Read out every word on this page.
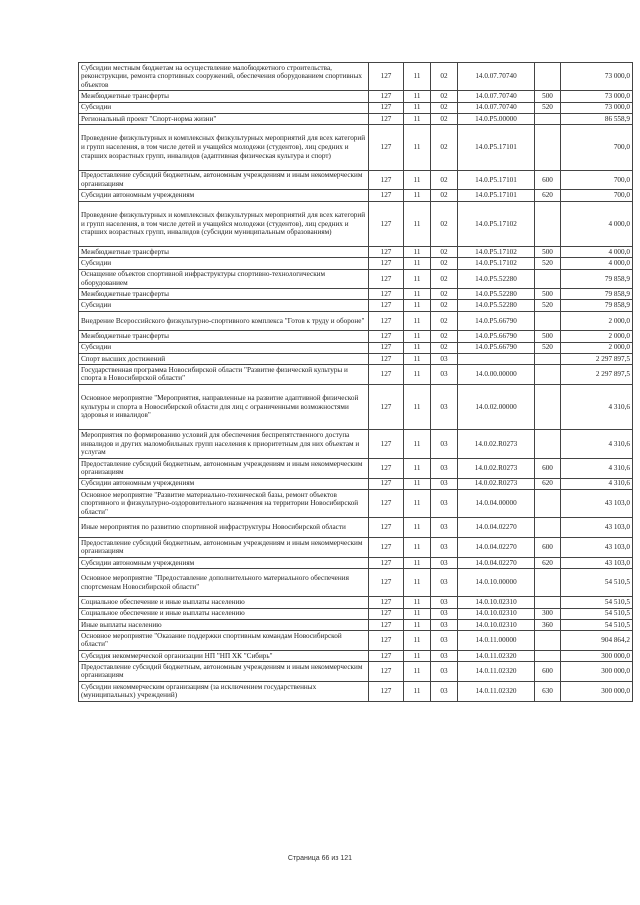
Субсидии местным бюджетам на осуществление малобюджетного строительства, реконструкции, ремонта спортивных сооружений, обеспечения оборудованием спортивных объектов	127	11	02	14.0.07.70740		73 000,0
Межбюджетные трансферты	127	11	02	14.0.07.70740	500	73 000,0
Субсидии	127	11	02	14.0.07.70740	520	73 000,0
Региональный проект "Спорт-норма жизни"	127	11	02	14.0.P5.00000		86 558,9
Проведение физкультурных и комплексных физкультурных мероприятий для всех категорий и групп населения, в том числе детей и учащейся молодежи (студентов), лиц средних и старших возрастных групп, инвалидов (адаптивная физическая культура и спорт)	127	11	02	14.0.P5.17101		700,0
Предоставление субсидий бюджетным, автономным учреждениям и иным некоммерческим организациям	127	11	02	14.0.P5.17101	600	700,0
Субсидии автономным учреждениям	127	11	02	14.0.P5.17101	620	700,0
Проведение физкультурных и комплексных физкультурных мероприятий для всех категорий и групп населения, в том числе детей и учащейся молодежи (студентов), лиц средних и старших возрастных групп, инвалидов (субсидии муниципальным образованиям)	127	11	02	14.0.P5.17102		4 000,0
Межбюджетные трансферты	127	11	02	14.0.P5.17102	500	4 000,0
Субсидии	127	11	02	14.0.P5.17102	520	4 000,0
Оснащение объектов спортивной инфраструктуры спортивно-технологическим оборудованием	127	11	02	14.0.P5.52280		79 858,9
Межбюджетные трансферты	127	11	02	14.0.P5.52280	500	79 858,9
Субсидии	127	11	02	14.0.P5.52280	520	79 858,9
Внедрение Всероссийского физкультурно-спортивного комплекса "Готов к труду и обороне"	127	11	02	14.0.P5.66790		2 000,0
Межбюджетные трансферты	127	11	02	14.0.P5.66790	500	2 000,0
Субсидии	127	11	02	14.0.P5.66790	520	2 000,0
Спорт высших достижений	127	11	03			2 297 897,5
Государственная программа Новосибирской области "Развитие физической культуры и спорта в Новосибирской области"	127	11	03	14.0.00.00000		2 297 897,5
Основное мероприятие "Мероприятия, направленные на развитие адаптивной физической культуры и спорта в Новосибирской области для лиц с ограниченными возможностями здоровья и инвалидов"	127	11	03	14.0.02.00000		4 310,6
Мероприятия по формированию условий для обеспечения беспрепятственного доступа инвалидов и других маломобильных групп населения к приоритетным для них объектам и услугам	127	11	03	14.0.02.R0273		4 310,6
Предоставление субсидий бюджетным, автономным учреждениям и иным некоммерческим организациям	127	11	03	14.0.02.R0273	600	4 310,6
Субсидии автономным учреждениям	127	11	03	14.0.02.R0273	620	4 310,6
Основное мероприятие "Развитие материально-технической базы, ремонт объектов спортивного и физкультурно-оздоровительного назначения на территории Новосибирской области"	127	11	03	14.0.04.00000		43 103,0
Иные мероприятия по развитию спортивной инфраструктуры Новосибирской области	127	11	03	14.0.04.02270		43 103,0
Предоставление субсидий бюджетным, автономным учреждениям и иным некоммерческим организациям	127	11	03	14.0.04.02270	600	43 103,0
Субсидии автономным учреждениям	127	11	03	14.0.04.02270	620	43 103,0
Основное мероприятие "Предоставление дополнительного материального обеспечения спортсменам Новосибирской области"	127	11	03	14.0.10.00000		54 510,5
Социальное обеспечение и иные выплаты населению	127	11	03	14.0.10.02310		54 510,5
Социальное обеспечение и иные выплаты населению	127	11	03	14.0.10.02310	300	54 510,5
Иные выплаты населению	127	11	03	14.0.10.02310	360	54 510,5
Основное мероприятие "Оказание поддержки спортивным командам Новосибирской области"	127	11	03	14.0.11.00000		904 864,2
Субсидия некоммерческой организации НП "НП ХК "Сибирь"	127	11	03	14.0.11.02320		300 000,0
Предоставление субсидий бюджетным, автономным учреждениям и иным некоммерческим организациям	127	11	03	14.0.11.02320	600	300 000,0
Субсидии некоммерческим организациям (за исключением государственных (муниципальных) учреждений)	127	11	03	14.0.11.02320	630	300 000,0
Страница 66 из 121
